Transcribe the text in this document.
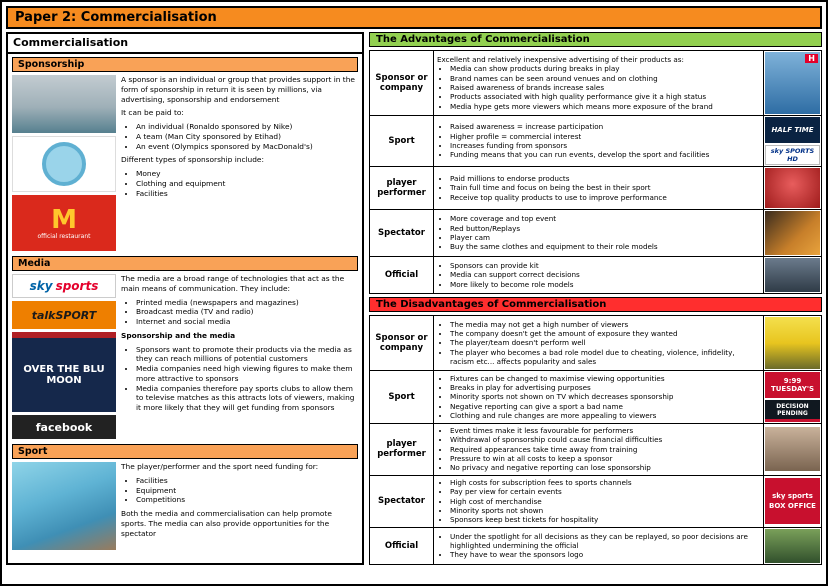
Paper 2: Commercialisation
Commercialisation
Sponsorship
M
official restaurant

A sponsor is an individual or group that provides support in the form of sponsorship in return it is seen by millions, via advertising, sponsorship and endorsement

It can be paid to:

• An individual (Ronaldo sponsored by Nike)
• A team (Man City sponsored by Etihad)
• An event (Olympics sponsored by MacDonald's)

Different types of sponsorship include:

• Money
• Clothing and equipment
• Facilities
Media
sky sports
talkSPORT
OVER THE BLU MOON
facebook

The media are a broad range of technologies that act as the main means of communication. They include:

• Printed media (newspapers and magazines)
• Broadcast media (TV and radio)
• Internet and social media

Sponsorship and the media

• Sponsors want to promote their products via the media as they can reach millions of potential customers
• Media companies need high viewing figures to make them more attractive to sponsors
• Media companies therefore pay sports clubs to allow them to televise matches as this attracts lots of viewers, making it more likely that they will get funding from sponsors
Sport

The player/performer and the sport need funding for:

• Facilities
• Equipment
• Competitions

Both the media and commercialisation can help promote sports. The media can also provide opportunities for the spectator

The Advantages of Commercialisation
Sponsor or company	

Excellent and relatively inexpensive advertising of their products as:

• Media can show products during breaks in play
• Brand names can be seen around venues and on clothing
• Raised awareness of brands increase sales
• Products associated with high quality performance give it a high status
• Media hype gets more viewers which means more exposure of the brand

H

Sport	
• Raised awareness = increase participation
• Higher profile = commercial interest
• Increases funding from sponsors
• Funding means that you can run events, develop the sport and facilities

HALF TIME
sky SPORTS HD

player performer	
• Paid millions to endorse products
• Train full time and focus on being the best in their sport
• Receive top quality products to use to improve performance

Spectator	
• More coverage and top event
• Red button/Replays
• Player cam
• Buy the same clothes and equipment to their role models

Official	
• Sponsors can provide kit
• Media can support correct decisions
• More likely to become role models

The Disadvantages of Commercialisation
Sponsor or company	
• The media may not get a high number of viewers
• The company doesn't get the amount of exposure they wanted
• The player/team doesn't perform well
• The player who becomes a bad role model due to cheating, violence, infidelity, racism etc... affects popularity and sales

Sport	
• Fixtures can be changed to maximise viewing opportunities
• Breaks in play for advertising purposes
• Minority sports not shown on TV which decreases sponsorship
• Negative reporting can give a sport a bad name
• Clothing and rule changes are more appealing to viewers

9:99 TUESDAY'S
DECISION PENDING

player performer	
• Event times make it less favourable for performers
• Withdrawal of sponsorship could cause financial difficulties
• Required appearances take time away from training
• Pressure to win at all costs to keep a sponsor
• No privacy and negative reporting can lose sponsorship

Spectator	
• High costs for subscription fees to sports channels
• Pay per view for certain events
• High cost of merchandise
• Minority sports not shown
• Sponsors keep best tickets for hospitality

sky sports
BOX OFFICE

Official	
• Under the spotlight for all decisions as they can be replayed, so poor decisions are highlighted undermining the official
• They have to wear the sponsors logo
